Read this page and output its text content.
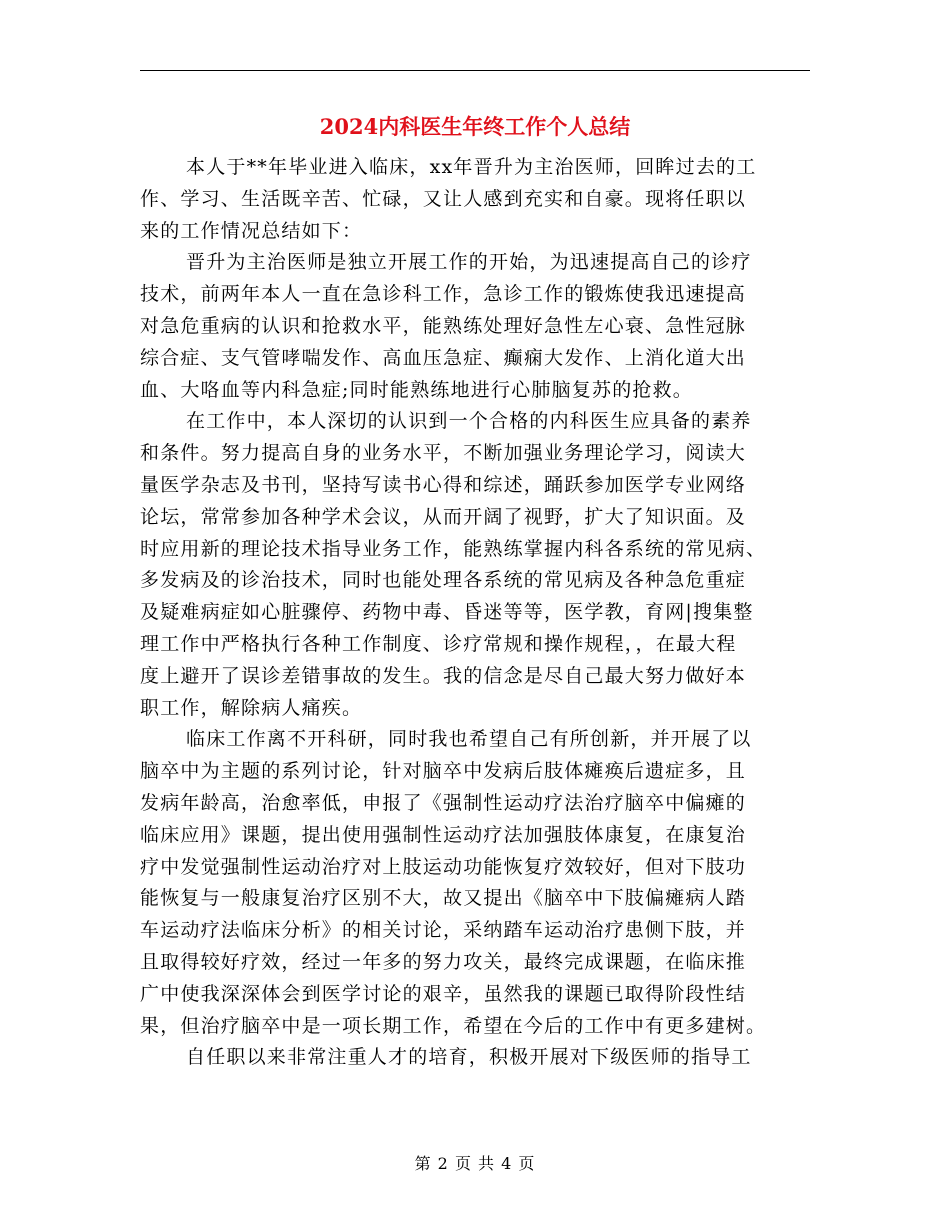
2024内科医生年终工作个人总结
本人于**年毕业进入临床，xx年晋升为主治医师，回眸过去的工
作、学习、生活既辛苦、忙碌，又让人感到充实和自豪。现将任职以
来的工作情况总结如下：
晋升为主治医师是独立开展工作的开始，为迅速提高自己的诊疗
技术，前两年本人一直在急诊科工作，急诊工作的锻炼使我迅速提高
对急危重病的认识和抢救水平，能熟练处理好急性左心衰、急性冠脉
综合症、支气管哮喘发作、高血压急症、癫痫大发作、上消化道大出
血、大咯血等内科急症;同时能熟练地进行心肺脑复苏的抢救。
在工作中，本人深切的认识到一个合格的内科医生应具备的素养
和条件。努力提高自身的业务水平，不断加强业务理论学习，阅读大
量医学杂志及书刊，坚持写读书心得和综述，踊跃参加医学专业网络
论坛，常常参加各种学术会议，从而开阔了视野，扩大了知识面。及
时应用新的理论技术指导业务工作，能熟练掌握内科各系统的常见病、
多发病及的诊治技术，同时也能处理各系统的常见病及各种急危重症
及疑难病症如心脏骤停、药物中毒、昏迷等等，医学教，育网|搜集整
理工作中严格执行各种工作制度、诊疗常规和操作规程，，在最大程
度上避开了误诊差错事故的发生。我的信念是尽自己最大努力做好本
职工作，解除病人痛疾。
临床工作离不开科研，同时我也希望自己有所创新，并开展了以
脑卒中为主题的系列讨论，针对脑卒中发病后肢体瘫痪后遗症多，且
发病年龄高，治愈率低，申报了《强制性运动疗法治疗脑卒中偏瘫的
临床应用》课题，提出使用强制性运动疗法加强肢体康复，在康复治
疗中发觉强制性运动治疗对上肢运动功能恢复疗效较好，但对下肢功
能恢复与一般康复治疗区别不大，故又提出《脑卒中下肢偏瘫病人踏
车运动疗法临床分析》的相关讨论，采纳踏车运动治疗患侧下肢，并
且取得较好疗效，经过一年多的努力攻关，最终完成课题，在临床推
广中使我深深体会到医学讨论的艰辛，虽然我的课题已取得阶段性结
果，但治疗脑卒中是一项长期工作，希望在今后的工作中有更多建树。
自任职以来非常注重人才的培育，积极开展对下级医师的指导工
第 2 页 共 4 页
